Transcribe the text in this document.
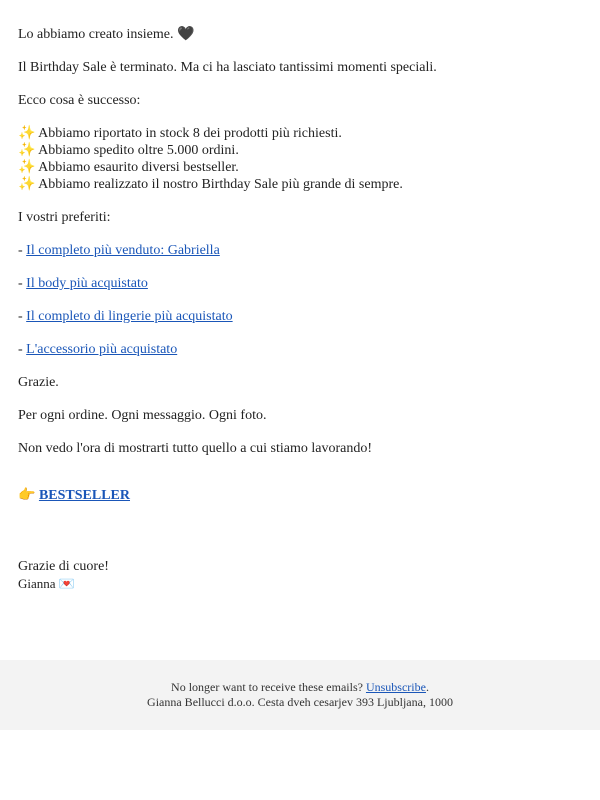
Lo abbiamo creato insieme. 🖤

Il Birthday Sale è terminato. Ma ci ha lasciato tantissimi momenti speciali.

Ecco cosa è successo:

✨ Abbiamo riportato in stock 8 dei prodotti più richiesti.
✨ Abbiamo spedito oltre 5.000 ordini.
✨ Abbiamo esaurito diversi bestseller.
✨ Abbiamo realizzato il nostro Birthday Sale più grande di sempre.

I vostri preferiti:

- Il completo più venduto: Gabriella

- Il body più acquistato

- Il completo di lingerie più acquistato

- L'accessorio più acquistato

Grazie.

Per ogni ordine. Ogni messaggio. Ogni foto.

Non vedo l'ora di mostrarti tutto quello a cui stiamo lavorando!

👉 BESTSELLER
Grazie di cuore!
Gianna 💌
No longer want to receive these emails? Unsubscribe.
Gianna Bellucci d.o.o. Cesta dveh cesarjev 393 Ljubljana, 1000
